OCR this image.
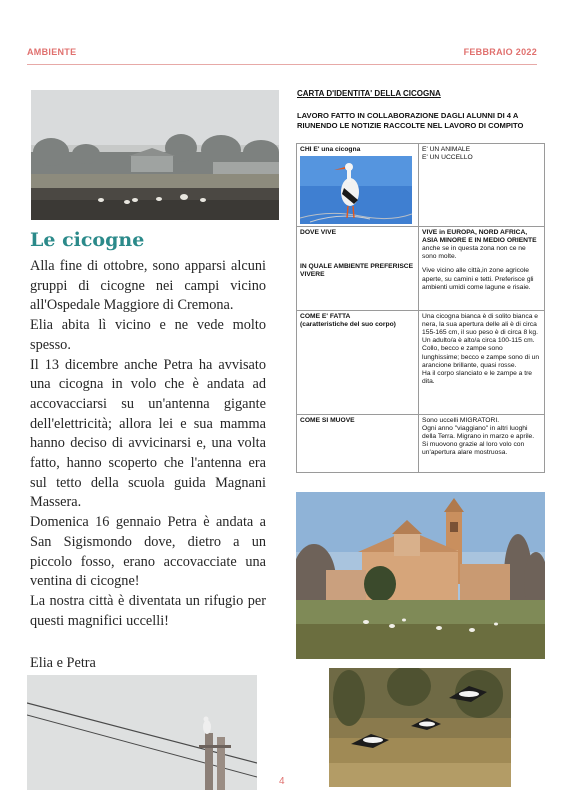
AMBIENTE	FEBBRAIO 2022
Le cicogne

Alla fine di ottobre, sono apparsi alcuni gruppi di cicogne nei campi vicino all'Ospedale Maggiore di Cremona.

Elia abita lì vicino e ne vede molto spesso.

Il 13 dicembre anche Petra ha avvisato una cicogna in volo che è andata ad accovacciarsi su un'antenna gigante dell'elettricità; allora lei e sua mamma hanno deciso di avvicinarsi e, una volta fatto, hanno scoperto che l'antenna era sul tetto della scuola guida Magnani Massera.

Domenica 16 gennaio Petra è andata a San Sigismondo dove, dietro a un piccolo fosso, erano accovacciate una ventina di cicogne!

La nostra città è diventata un rifugio per questi magnifici uccelli!

Elia e Petra
CARTA D'IDENTITA' DELLA CICOGNA
LAVORO FATTO IN COLLABORAZIONE DAGLI ALUNNI DI 4 A RIUNENDO LE NOTIZIE RACCOLTE NEL LAVORO DI COMPITO
CHI E' una cicogna	E' UN ANIMALE
E' UN UCCELLO

DOVE VIVE
IN QUALE AMBIENTE PREFERISCE VIVERE	VIVE in EUROPA, NORD AFRICA, ASIA MINORE E IN MEDIO ORIENTE anche se in questa zona non ce ne sono molte.
Vive vicino alle città,in zone agricole aperte, su camini e tetti. Preferisce gli ambienti umidi come lagune e risaie.

COME E' FATTA
(caratteristiche del suo corpo)	Una cicogna bianca è di solito bianca e nera, la sua apertura delle ali è di circa 155-165 cm, il suo peso è di circa 8 kg.
Un adulto/a è alto/a circa 100-115 cm.
Collo, becco e zampe sono lunghissime; becco e zampe sono di un arancione brillante, quasi rosse.
Ha il corpo slanciato e le zampe a tre dita.

COME SI MUOVE	Sono uccelli MIGRATORI.
Ogni anno "viaggiano" in altri luoghi della Terra. Migrano in marzo e aprile.
Si muovono grazie al loro volo con un'apertura alare mostruosa.
4
